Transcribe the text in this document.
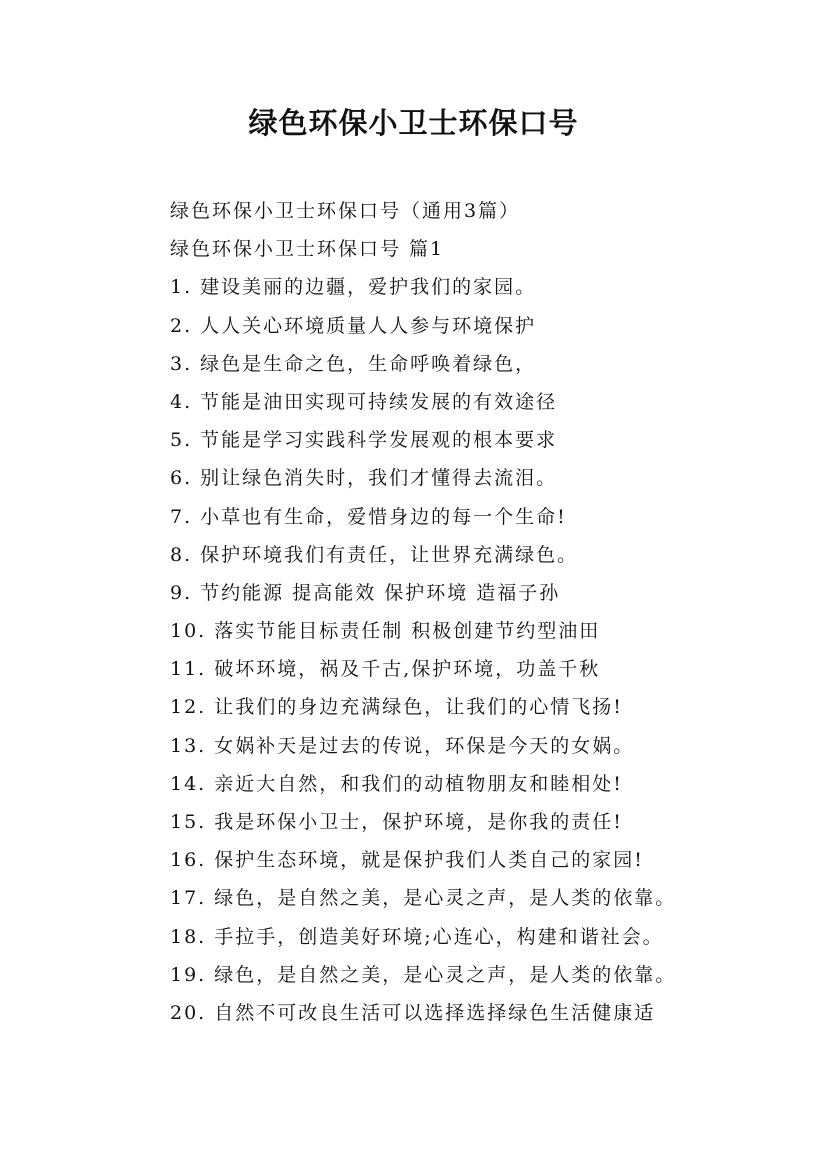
绿色环保小卫士环保口号
绿色环保小卫士环保口号（通用3篇）
绿色环保小卫士环保口号 篇1
1. 建设美丽的边疆，爱护我们的家园。
2. 人人关心环境质量人人参与环境保护
3. 绿色是生命之色，生命呼唤着绿色，
4. 节能是油田实现可持续发展的有效途径
5. 节能是学习实践科学发展观的根本要求
6. 别让绿色消失时，我们才懂得去流泪。
7. 小草也有生命，爱惜身边的每一个生命!
8. 保护环境我们有责任，让世界充满绿色。
9. 节约能源 提高能效 保护环境 造福子孙
10. 落实节能目标责任制 积极创建节约型油田
11. 破坏环境，祸及千古,保护环境，功盖千秋
12. 让我们的身边充满绿色，让我们的心情飞扬!
13. 女娲补天是过去的传说，环保是今天的女娲。
14. 亲近大自然，和我们的动植物朋友和睦相处!
15. 我是环保小卫士，保护环境，是你我的责任!
16. 保护生态环境，就是保护我们人类自己的家园!
17. 绿色，是自然之美，是心灵之声，是人类的依靠。
18. 手拉手，创造美好环境;心连心，构建和谐社会。
19. 绿色，是自然之美，是心灵之声，是人类的依靠。
20. 自然不可改良生活可以选择选择绿色生活健康适
